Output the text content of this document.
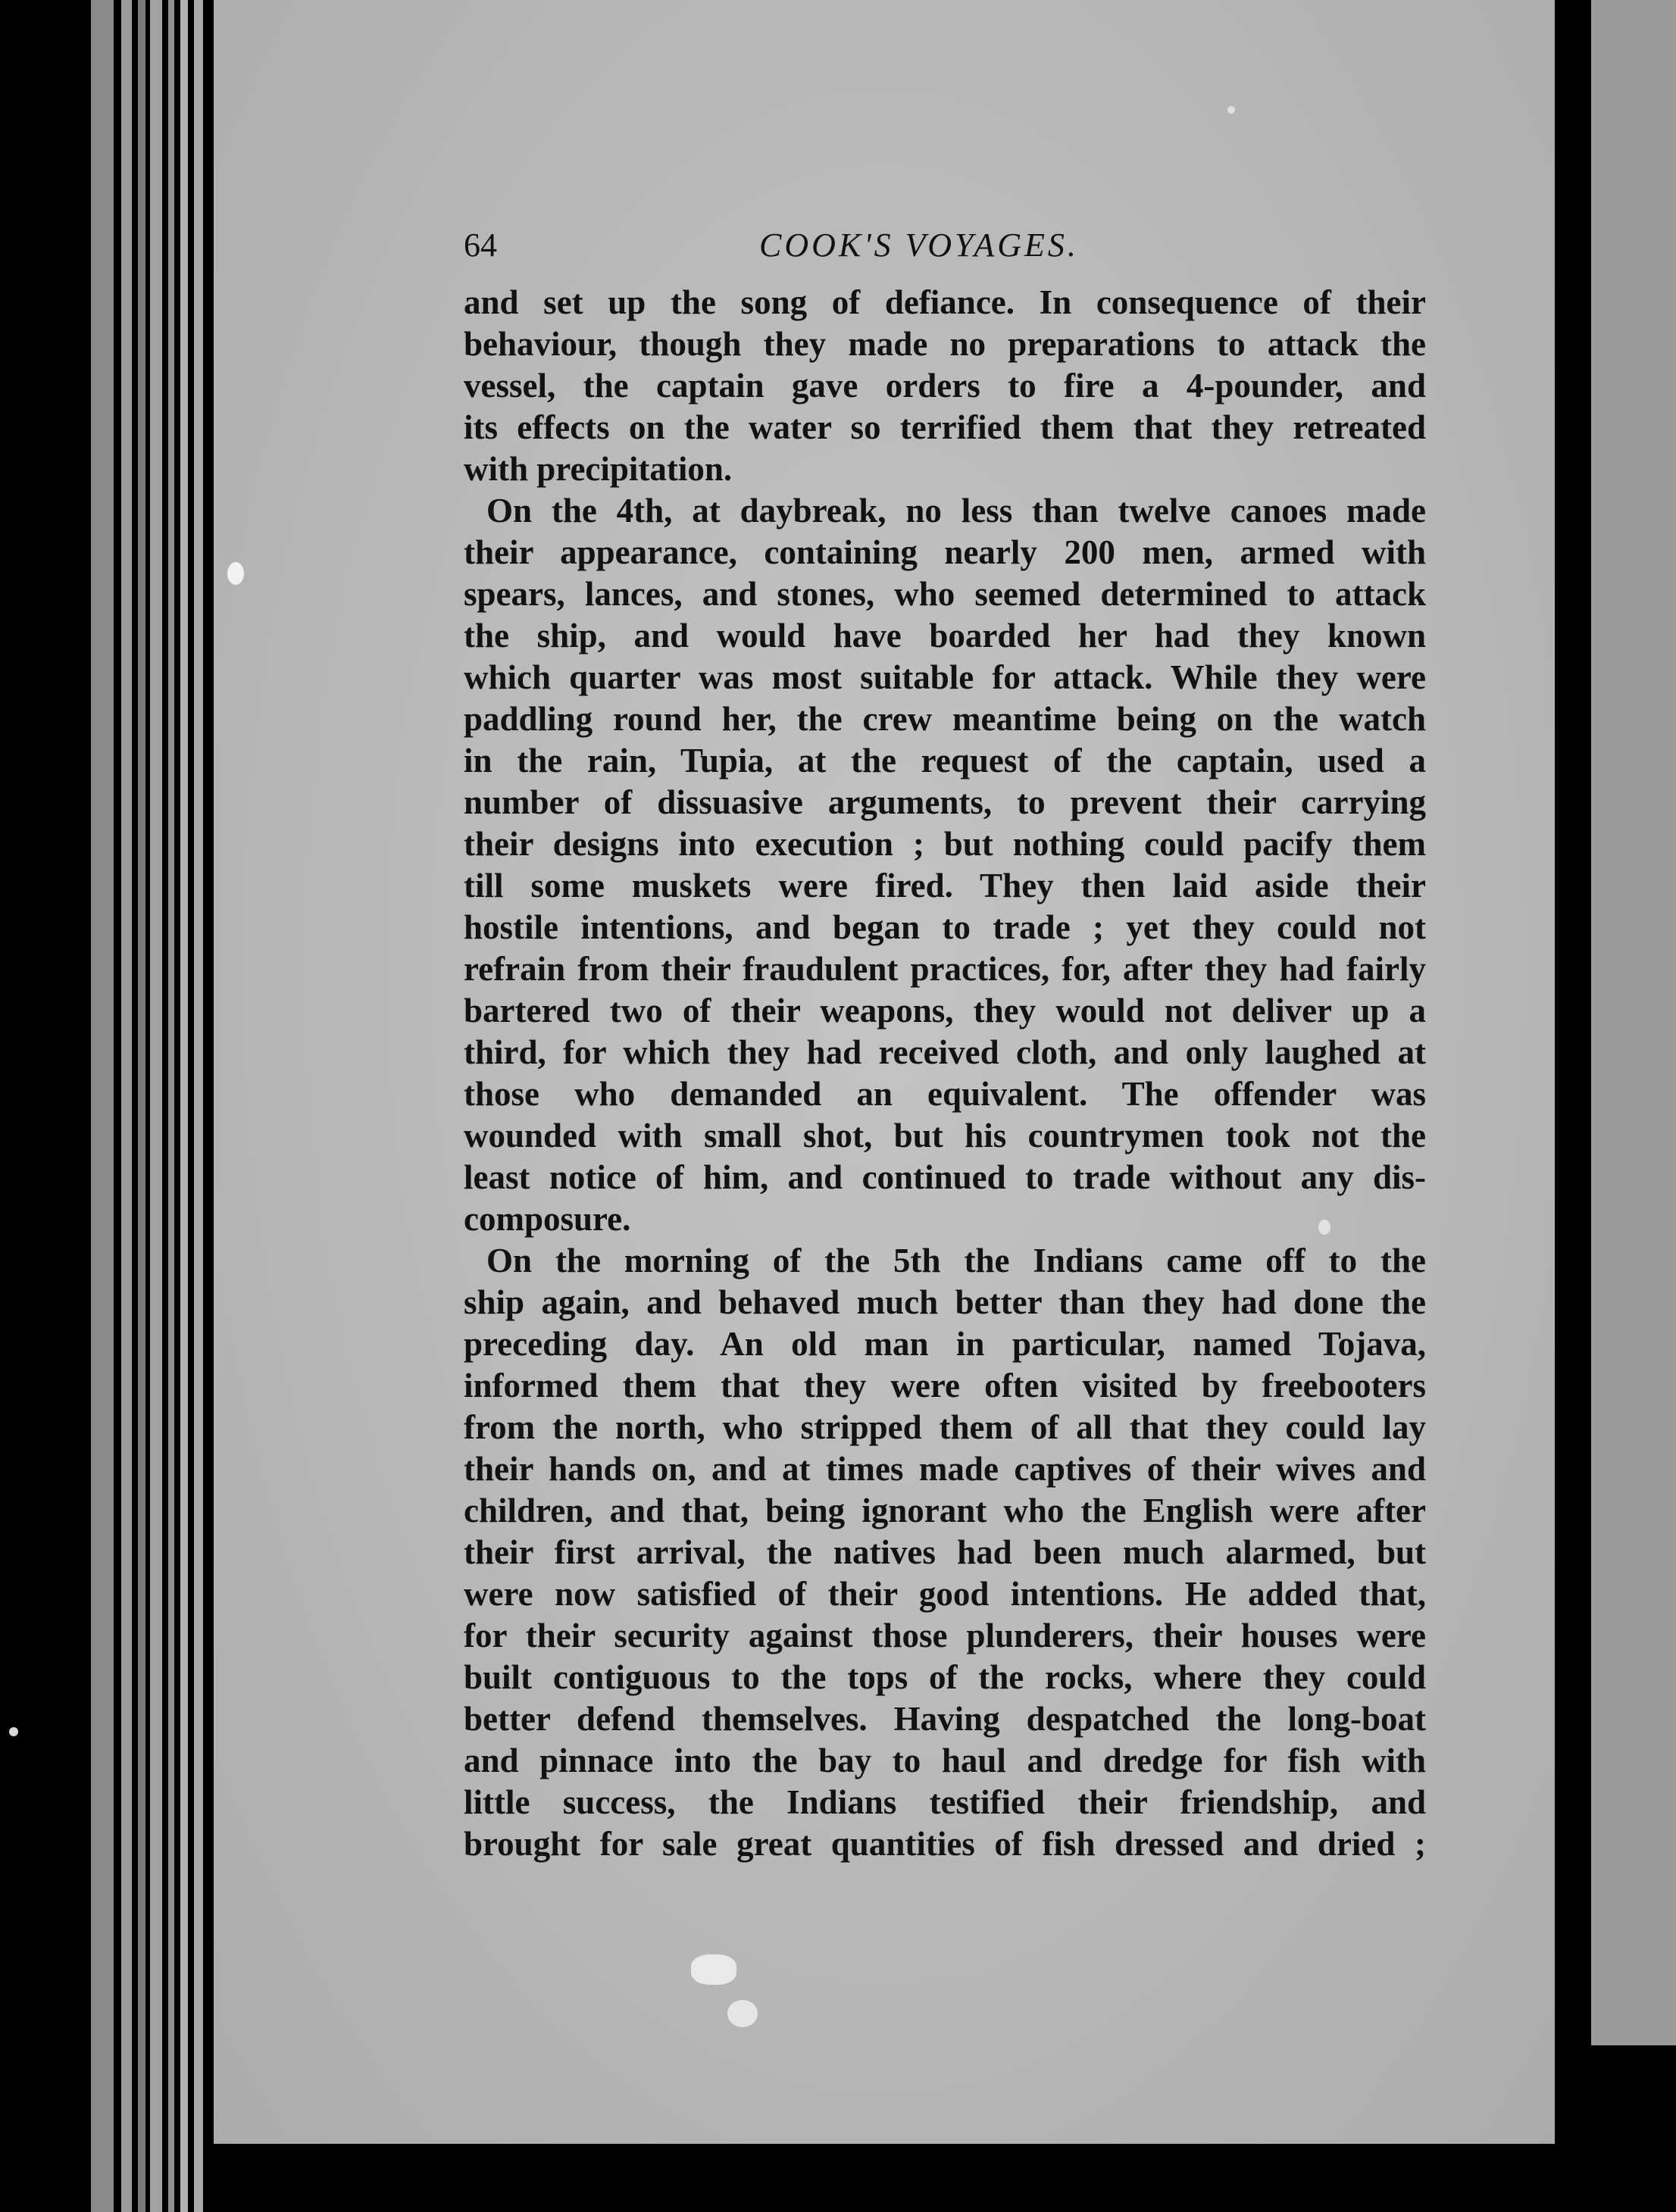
64	COOK'S VOYAGES.

and set up the song of defiance. In consequence of their
behaviour, though they made no preparations to attack the
vessel, the captain gave orders to fire a 4-pounder, and
its effects on the water so terrified them that they retreated
with precipitation.

On the 4th, at daybreak, no less than twelve canoes made
their appearance, containing nearly 200 men, armed with
spears, lances, and stones, who seemed determined to attack
the ship, and would have boarded her had they known
which quarter was most suitable for attack. While they were
paddling round her, the crew meantime being on the watch
in the rain, Tupia, at the request of the captain, used a
number of dissuasive arguments, to prevent their carrying
their designs into execution ; but nothing could pacify them
till some muskets were fired. They then laid aside their
hostile intentions, and began to trade ; yet they could not
refrain from their fraudulent practices, for, after they had fairly
bartered two of their weapons, they would not deliver up a
third, for which they had received cloth, and only laughed at
those who demanded an equivalent. The offender was
wounded with small shot, but his countrymen took not the
least notice of him, and continued to trade without any dis-
composure.

On the morning of the 5th the Indians came off to the
ship again, and behaved much better than they had done the
preceding day. An old man in particular, named Tojava,
informed them that they were often visited by freebooters
from the north, who stripped them of all that they could lay
their hands on, and at times made captives of their wives and
children, and that, being ignorant who the English were after
their first arrival, the natives had been much alarmed, but
were now satisfied of their good intentions. He added that,
for their security against those plunderers, their houses were
built contiguous to the tops of the rocks, where they could
better defend themselves. Having despatched the long-boat
and pinnace into the bay to haul and dredge for fish with
little success, the Indians testified their friendship, and
brought for sale great quantities of fish dressed and dried ;
